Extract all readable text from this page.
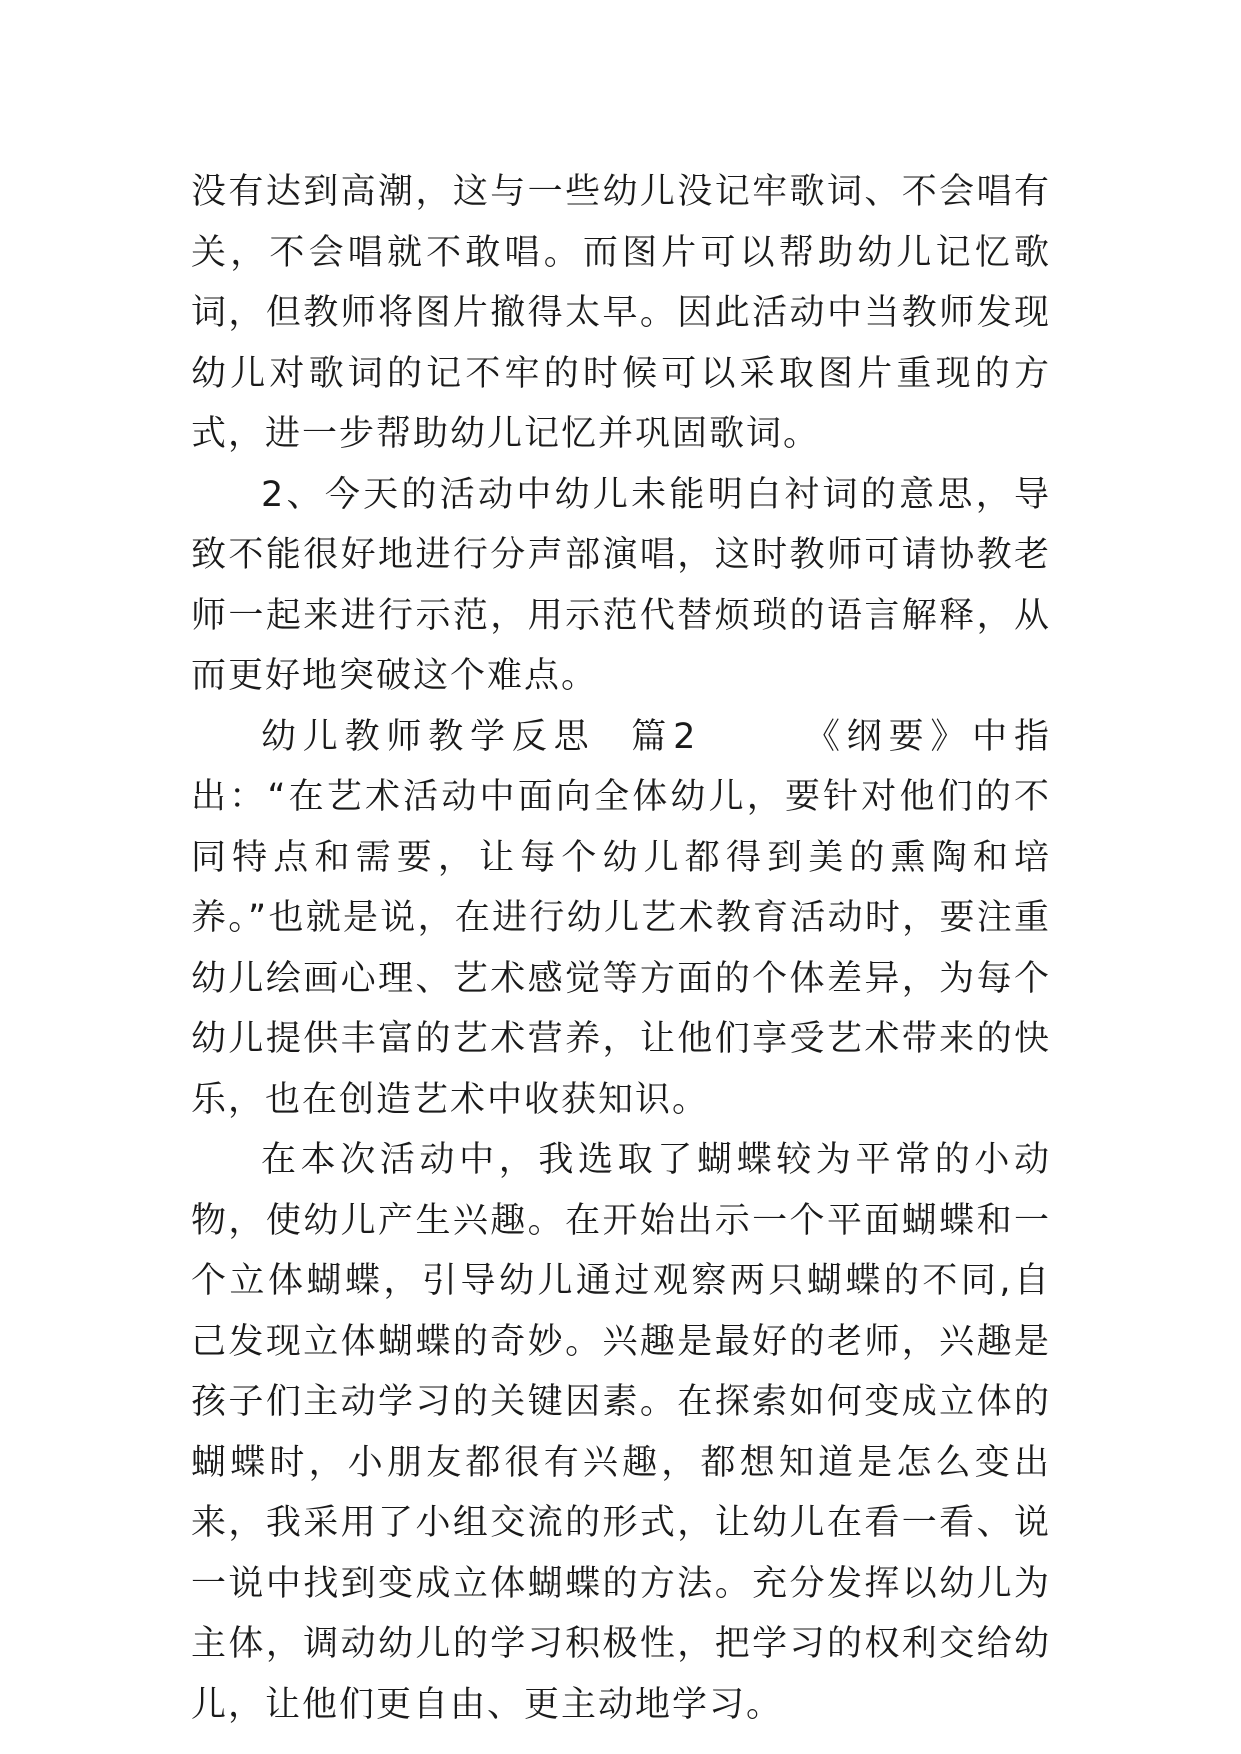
没有达到高潮，这与一些幼儿没记牢歌词、不会唱有关，不会唱就不敢唱。而图片可以帮助幼儿记忆歌词，但教师将图片撤得太早。因此活动中当教师发现幼儿对歌词的记不牢的时候可以采取图片重现的方式，进一步帮助幼儿记忆并巩固歌词。

2、今天的活动中幼儿未能明白衬词的意思，导致不能很好地进行分声部演唱，这时教师可请协教老师一起来进行示范，用示范代替烦琐的语言解释，从而更好地突破这个难点。

幼儿教师教学反思  篇2      《纲要》中指出：“在艺术活动中面向全体幼儿，要针对他们的不同特点和需要，让每个幼儿都得到美的熏陶和培养。”也就是说，在进行幼儿艺术教育活动时，要注重幼儿绘画心理、艺术感觉等方面的个体差异，为每个幼儿提供丰富的艺术营养，让他们享受艺术带来的快乐，也在创造艺术中收获知识。

在本次活动中，我选取了蝴蝶较为平常的小动物，使幼儿产生兴趣。在开始出示一个平面蝴蝶和一个立体蝴蝶，引导幼儿通过观察两只蝴蝶的不同,自己发现立体蝴蝶的奇妙。兴趣是最好的老师，兴趣是孩子们主动学习的关键因素。在探索如何变成立体的蝴蝶时，小朋友都很有兴趣，都想知道是怎么变出来，我采用了小组交流的形式，让幼儿在看一看、说一说中找到变成立体蝴蝶的方法。充分发挥以幼儿为主体，调动幼儿的学习积极性，把学习的权利交给幼儿，让他们更自由、更主动地学习。
